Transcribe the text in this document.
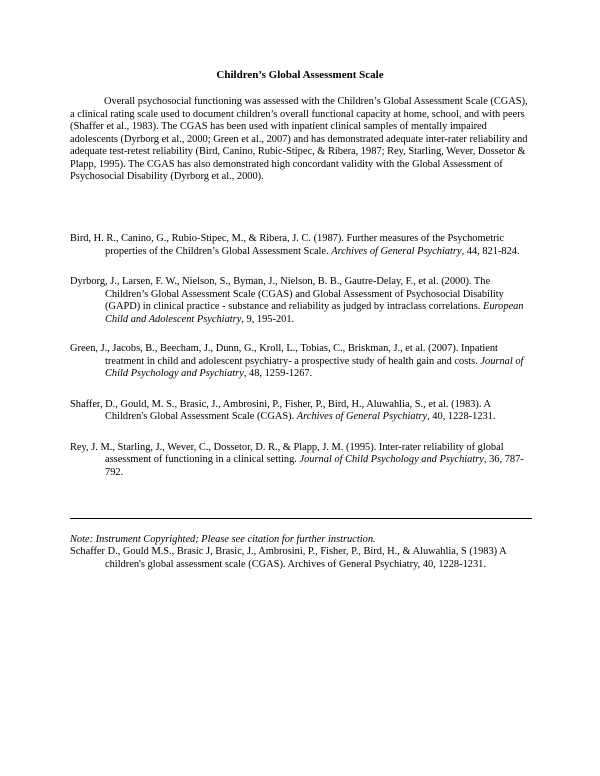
Children’s Global Assessment Scale

Overall psychosocial functioning was assessed with the Children’s Global Assessment Scale (CGAS), a clinical rating scale used to document children’s overall functional capacity at home, school, and with peers (Shaffer et al., 1983). The CGAS has been used with inpatient clinical samples of mentally impaired adolescents (Dyrborg et al., 2000; Green et al., 2007) and has demonstrated adequate inter-rater reliability and adequate test-retest reliability (Bird, Canino, Rubic-Stipec, & Ribera, 1987; Rey, Starling, Wever, Dossetor & Plapp, 1995). The CGAS has also demonstrated high concordant validity with the Global Assessment of Psychosocial Disability (Dyrborg et al., 2000).

Bird, H. R., Canino, G., Rubio-Stipec, M., & Ribera, J. C. (1987). Further measures of the Psychometric properties of the Children’s Global Assessment Scale. Archives of General Psychiatry, 44, 821-824.
Dyrborg, J., Larsen, F. W., Nielson, S., Byman, J., Nielson, B. B., Gautre-Delay, F., et al. (2000). The Children’s Global Assessment Scale (CGAS) and Global Assessment of Psychosocial Disability (GAPD) in clinical practice - substance and reliability as judged by intraclass correlations. European Child and Adolescent Psychiatry, 9, 195-201.
Green, J., Jacobs, B., Beecham, J., Dunn, G., Kroll, L., Tobias, C., Briskman, J., et al. (2007). Inpatient treatment in child and adolescent psychiatry- a prospective study of health gain and costs. Journal of Child Psychology and Psychiatry, 48, 1259-1267.
Shaffer, D., Gould, M. S., Brasic, J., Ambrosini, P., Fisher, P., Bird, H., Aluwahlia, S., et al. (1983). A Children's Global Assessment Scale (CGAS). Archives of General Psychiatry, 40, 1228-1231.
Rey, J. M., Starling, J., Wever, C., Dossetor, D. R., & Plapp, J. M. (1995). Inter-rater reliability of global assessment of functioning in a clinical setting. Journal of Child Psychology and Psychiatry, 36, 787-792.

Note: Instrument Copyrighted; Please see citation for further instruction.

Schaffer D., Gould M.S., Brasic J, Brasic, J., Ambrosini, P., Fisher, P., Bird, H., & Aluwahlia, S (1983) A children's global assessment scale (CGAS). Archives of General Psychiatry, 40, 1228-1231.
